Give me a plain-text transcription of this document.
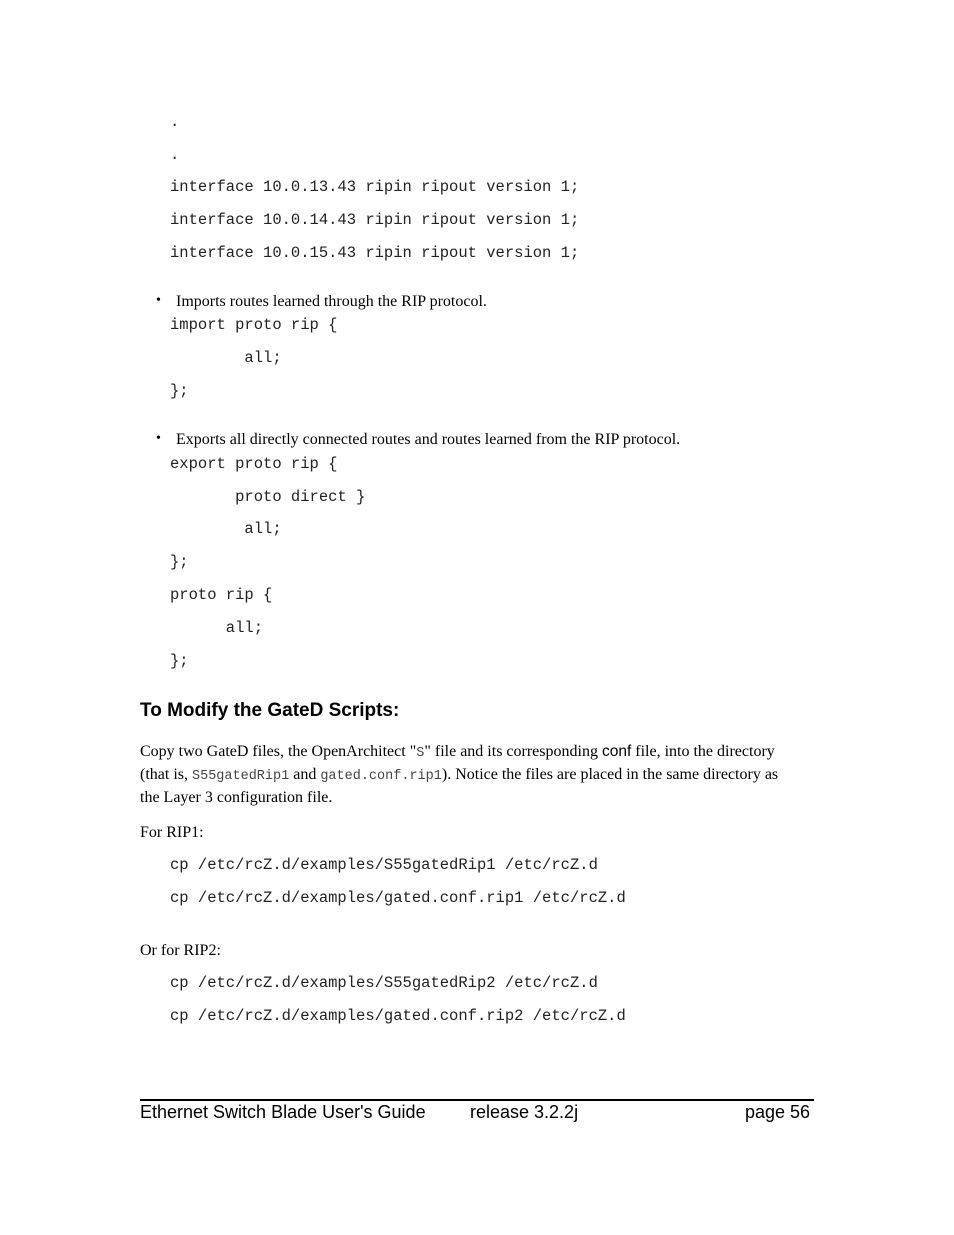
.
.
interface 10.0.13.43 ripin ripout version 1;
interface 10.0.14.43 ripin ripout version 1;
interface 10.0.15.43 ripin ripout version 1;
• Imports routes learned through the RIP protocol.
import proto rip {
all;
};
• Exports all directly connected routes and routes learned from the RIP protocol.
export proto rip {
proto direct }
all;
};
proto rip {
all;
};
To Modify the GateD Scripts:
Copy two GateD files, the OpenArchitect "S" file and its corresponding conf file, into the directory (that is, S55gatedRip1 and gated.conf.rip1). Notice the files are placed in the same directory as the Layer 3 configuration file.
For RIP1:
cp /etc/rcZ.d/examples/S55gatedRip1 /etc/rcZ.d
cp /etc/rcZ.d/examples/gated.conf.rip1 /etc/rcZ.d
Or for RIP2:
cp /etc/rcZ.d/examples/S55gatedRip2 /etc/rcZ.d
cp /etc/rcZ.d/examples/gated.conf.rip2 /etc/rcZ.d
Ethernet Switch Blade User's Guide release 3.2.2j	page 56
